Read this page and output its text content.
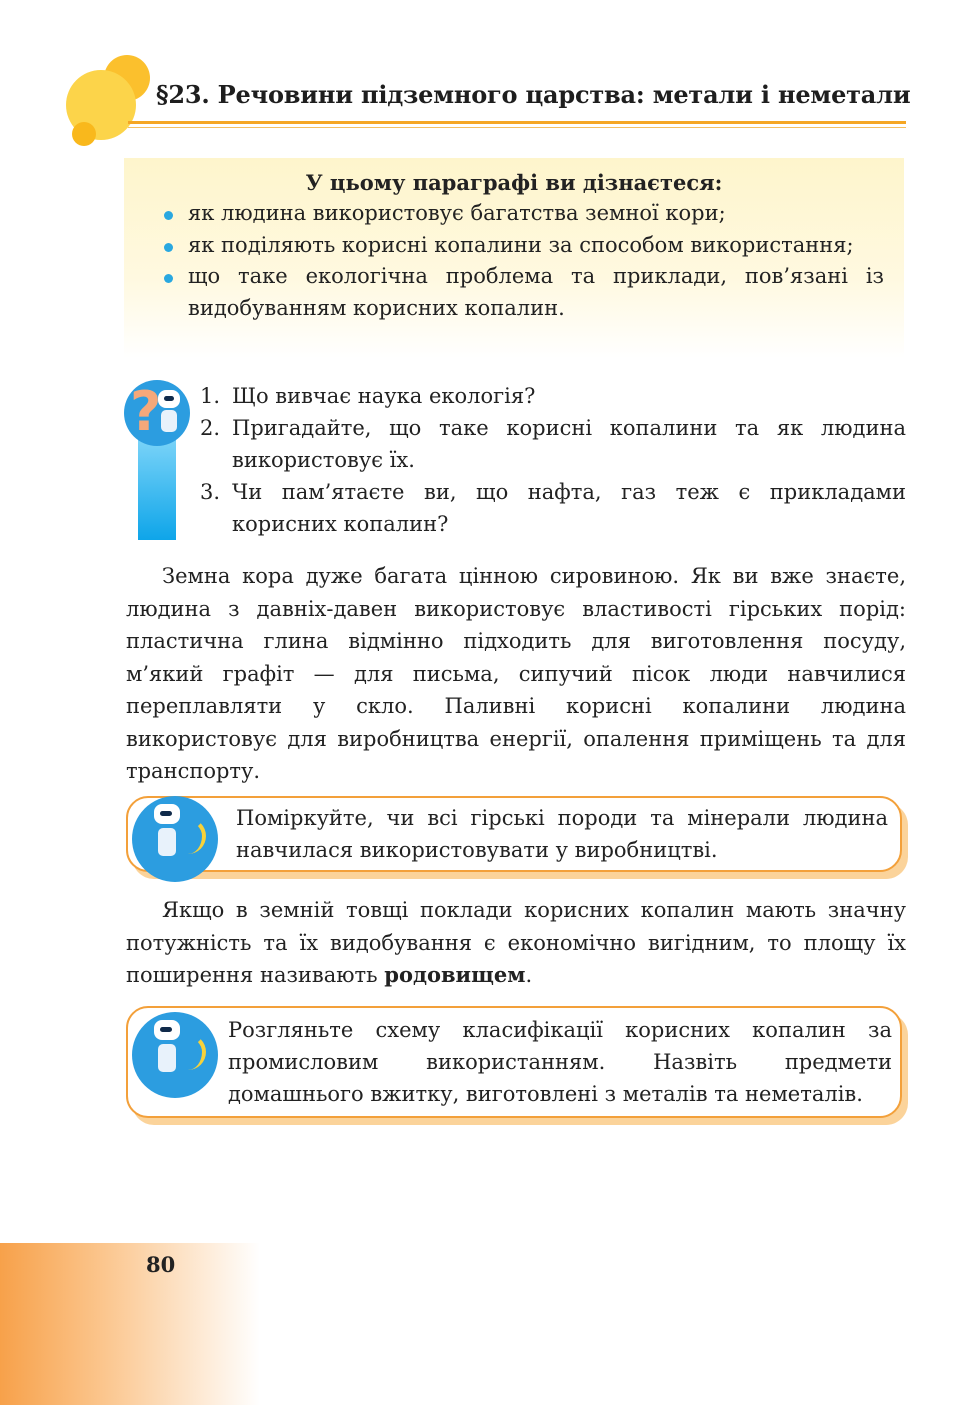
§23. Речовини підземного царства: метали і неметали
У цьому параграфі ви дізнаєтеся:
як людина використовує багатства земної кори;
як поділяють корисні копалини за способом використання;
що таке екологічна проблема та приклади, пов’язані із видобуванням корисних копалин.
? 1. Що вивчає наука екологія?
2. Пригадайте, що таке корисні копалини та як людина використовує їх.
3. Чи пам’ятаєте ви, що нафта, газ теж є прикладами корисних копалин?

Земна кора дуже багата цінною сировиною. Як ви вже знаєте, людина з давніх-давен використовує властивості гірських порід: пластична глина відмінно підходить для виготовлення посуду, м’який графіт — для письма, сипучий пісок люди навчилися переплавляти у скло. Паливні корисні копалини людина використовує для виробництва енергії, опалення приміщень та для транспорту.

Поміркуйте, чи всі гірські породи та мінерали людина навчилася використовувати у виробництві.

Якщо в земній товщі поклади корисних копалин мають значну потужність та їх видобування є економічно вигідним, то площу їх поширення називають родовищем.

Розгляньте схему класифікації корисних копалин за промисловим використанням. Назвіть предмети домашнього вжитку, виготовлені з металів та неметалів.
80
